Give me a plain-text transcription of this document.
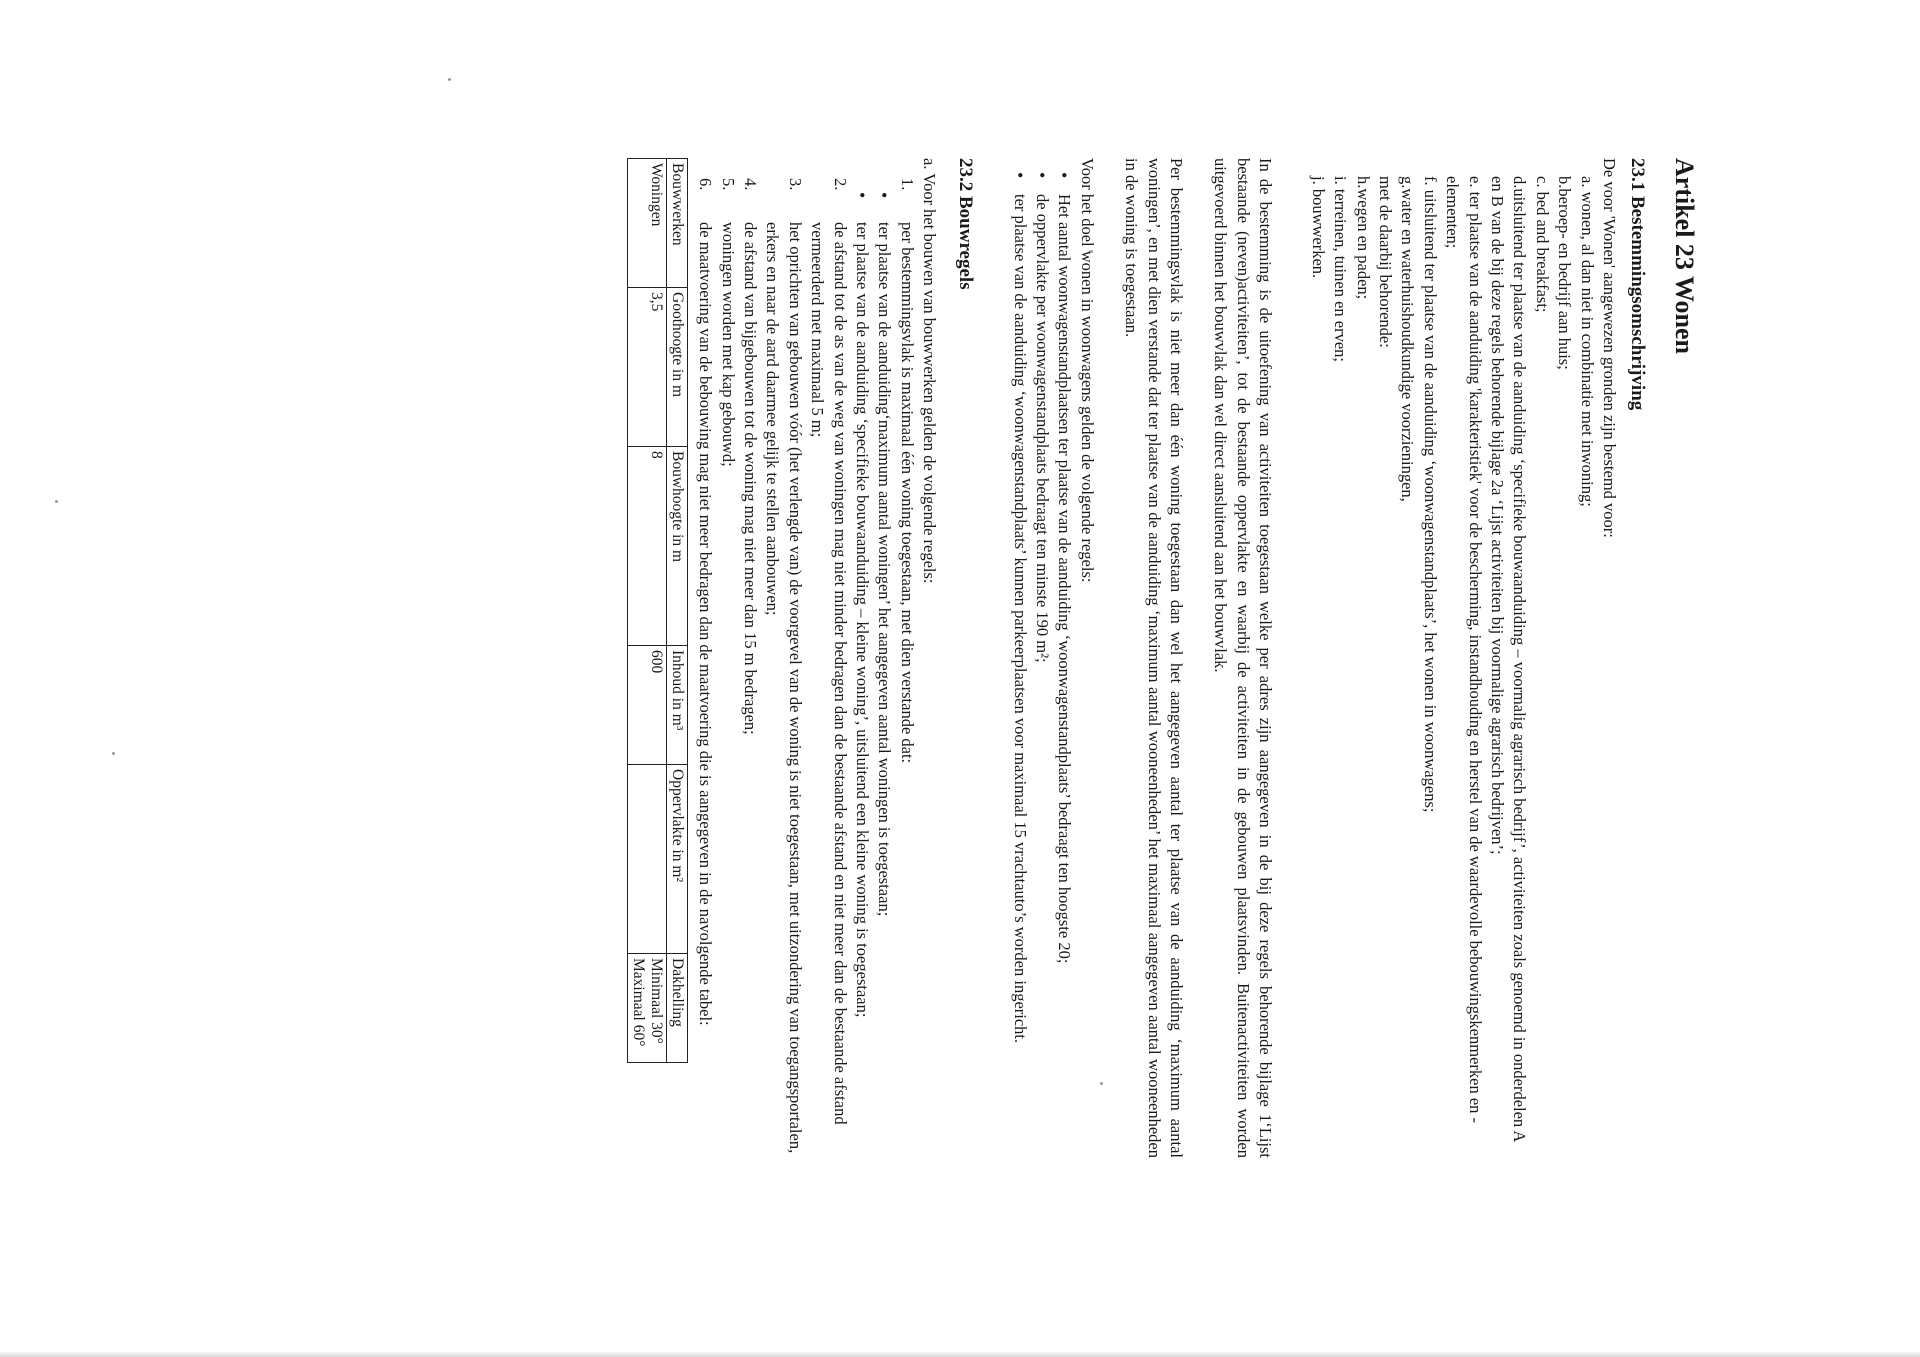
Artikel 23 Wonen
23.1 Bestemmingsomschrijving

De voor 'Wonen' aangewezen gronden zijn bestemd voor:

a. wonen, al dan niet in combinatie met inwoning;
b.beroep- en bedrijf aan huis;
c. bed and breakfast;
d.uitsluitend ter plaatse van de aanduiding ‘specifieke bouwaanduiding – voormalig agrarisch bedrijf’, activiteiten zoals genoemd in onderdelen A en B van de bij deze regels behorende bijlage 2a ‘Lijst activiteiten bij voormalige agrarisch bedrijven’;
e. ter plaatse van de aanduiding 'karakteristiek' voor de bescherming, instandhouding en herstel van de waardevolle bebouwingskenmerken en -elementen;
f. uitsluitend ter plaatse van de aanduiding ‘woonwagenstandplaats’, het wonen in woonwagens;
g.water en waterhuishoudkundige voorzieningen,
met de daarbij behorende:
h.wegen en paden;
i. terreinen, tuinen en erven;
j. bouwwerken.

In de bestemming is de uitoefening van activiteiten toegestaan welke per adres zijn aangegeven in de bij deze regels behorende bijlage 1‘Lijst bestaande (neven)activiteiten’, tot de bestaande oppervlakte en waarbij de activiteiten in de gebouwen plaatsvinden. Buitenactiviteiten worden uitgevoerd binnen het bouwvlak dan wel direct aansluitend aan het bouwvlak.

Per bestemmingsvlak is niet meer dan één woning toegestaan dan wel het aangegeven aantal ter plaatse van de aanduiding ‘maximum aantal woningen’, en met dien verstande dat ter plaatse van de aanduiding ‘maximum aantal wooneenheden’ het maximaal aangegeven aantal wooneenheden in de woning is toegestaan.

Voor het doel wonen in woonwagens gelden de volgende regels:

• Het aantal woonwagenstandplaatsen ter plaatse van de aanduiding ‘woonwagenstandplaats’ bedraagt ten hoogste 20;
• de oppervlakte per woonwagenstandplaats bedraagt ten minste 190 m²;
• ter plaatse van de aanduiding ‘woonwagenstandplaats’ kunnen parkeerplaatsen voor maximaal 15 vrachtauto’s worden ingericht.
23.2 Bouwregels

a. Voor het bouwen van bouwwerken gelden de volgende regels:

1.
per bestemmingsvlak is maximaal één woning toegestaan, met dien verstande dat:
• ter plaatse van de aanduiding‘maximum aantal woningen’ het aangegeven aantal woningen is toegestaan;
• ter plaatse van de aanduiding ‘specifieke bouwaanduiding – kleine woning’, uitsluitend een kleine woning is toegestaan;
2.
de afstand tot de as van de weg van woningen mag niet minder bedragen dan de bestaande afstand en niet meer dan de bestaande afstand vermeerderd met maximaal 5 m;
3.
het oprichten van gebouwen vóór (het verlengde van) de voorgevel van de woning is niet toegestaan, met uitzondering van toegangsportalen, erkers en naar de aard daarmee gelijk te stellen aanbouwen;
4.
de afstand van bijgebouwen tot de woning mag niet meer dan 15 m bedragen;
5.
woningen worden met kap gebouwd;
6.
de maatvoering van de bebouwing mag niet meer bedragen dan de maatvoering die is aangegeven in de navolgende tabel:
Bouwwerken	Goothoogte in m	Bouwhoogte in m	Inhoud in m³	Oppervlakte in m²	Dakhelling
Woningen	3,5	8	600		Minimaal 30°
Maximaal 60°
